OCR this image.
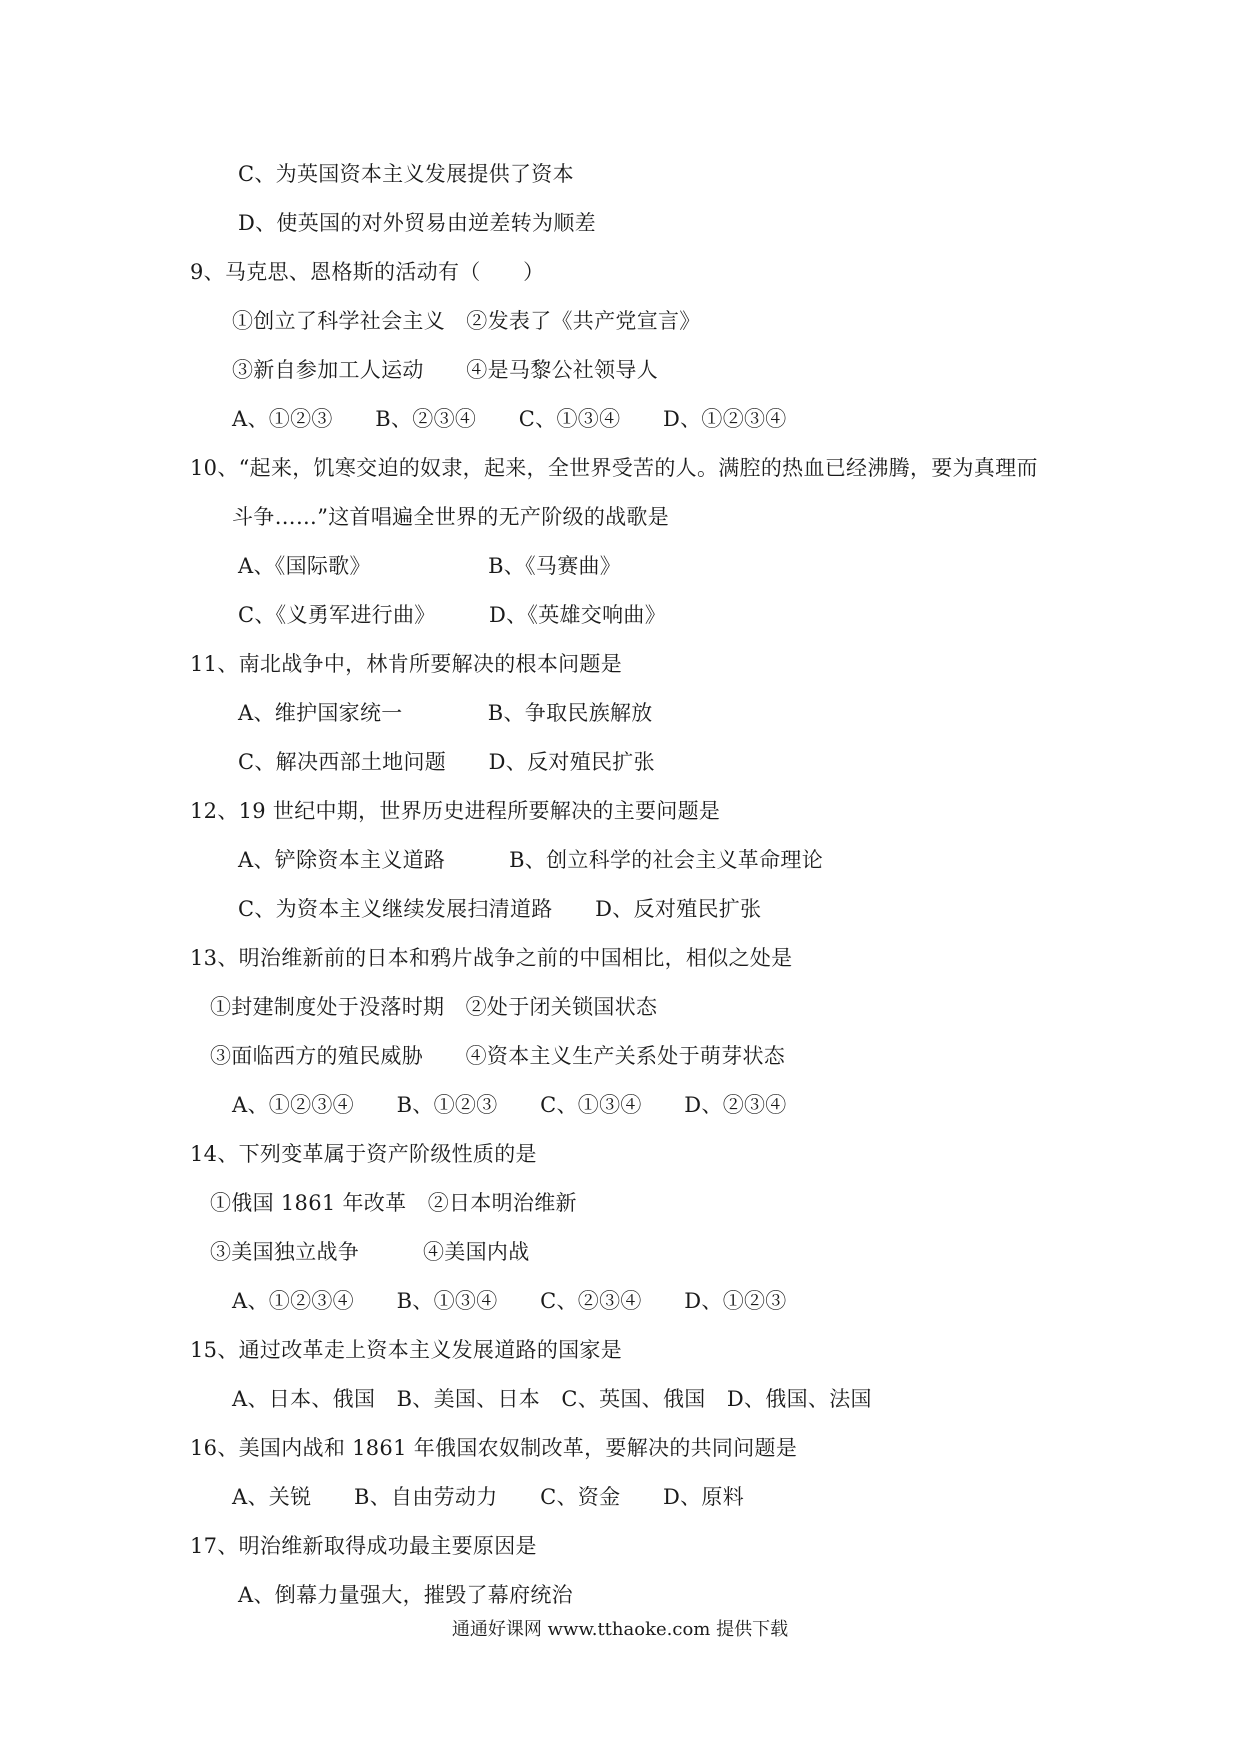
C、为英国资本主义发展提供了资本
D、使英国的对外贸易由逆差转为顺差
9、马克思、恩格斯的活动有（　　）
①创立了科学社会主义　②发表了《共产党宣言》
③新自参加工人运动　　④是马黎公社领导人
A、①②③　　B、②③④　　C、①③④　　D、①②③④
10、“起来，饥寒交迫的奴隶，起来，全世界受苦的人。满腔的热血已经沸腾，要为真理而
斗争……”这首唱遍全世界的无产阶级的战歌是
A、《国际歌》　　　　　　B、《马赛曲》
C、《义勇军进行曲》　　　D、《英雄交响曲》
11、南北战争中，林肯所要解决的根本问题是
A、维护国家统一　　　　B、争取民族解放
C、解决西部土地问题　　D、反对殖民扩张
12、19 世纪中期，世界历史进程所要解决的主要问题是
A、铲除资本主义道路　　　B、创立科学的社会主义革命理论
C、为资本主义继续发展扫清道路　　D、反对殖民扩张
13、明治维新前的日本和鸦片战争之前的中国相比，相似之处是
①封建制度处于没落时期　②处于闭关锁国状态
③面临西方的殖民威胁　　④资本主义生产关系处于萌芽状态
A、①②③④　　B、①②③　　C、①③④　　D、②③④
14、下列变革属于资产阶级性质的是
①俄国 1861 年改革　②日本明治维新
③美国独立战争　　　④美国内战
A、①②③④　　B、①③④　　C、②③④　　D、①②③
15、通过改革走上资本主义发展道路的国家是
A、日本、俄国　B、美国、日本　C、英国、俄国　D、俄国、法国
16、美国内战和 1861 年俄国农奴制改革，要解决的共同问题是
A、关锐　　B、自由劳动力　　C、资金　　D、原料
17、明治维新取得成功最主要原因是
A、倒幕力量强大，摧毁了幕府统治
通通好课网 www.tthaoke.com 提供下载
